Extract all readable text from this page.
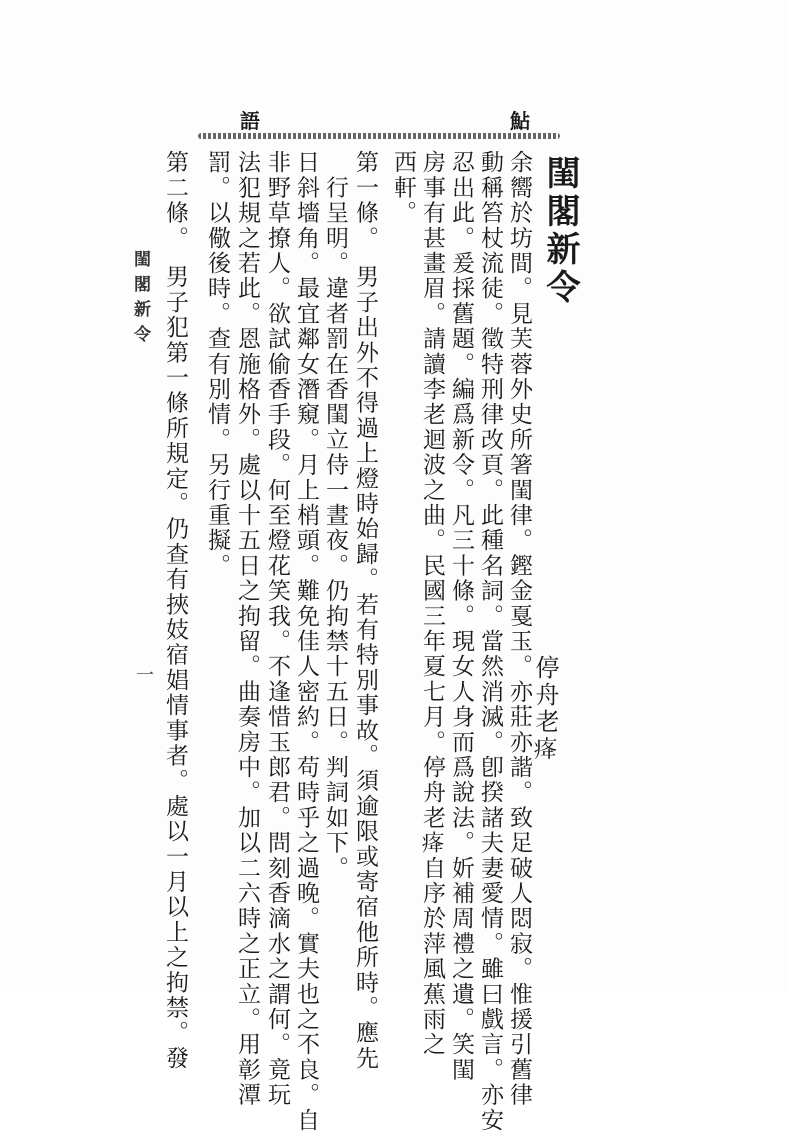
語	鮎
閨閣新令
停舟老𤵸
余嚮於坊間。見芙蓉外史所箸閨律。鏗金戛玉。亦莊亦諧。致足破人悶寂。惟援引舊律
動稱笞杖流徒。徵特刑律改頁。此種名詞。當然消滅。卽揆諸夫妻愛情。雖曰戲言。亦安
忍出此。爰採舊題。編爲新令。凡三十條。現女人身而爲說法。妡補周禮之遺。笑閨
房事有甚畫眉。請讀李老迴波之曲。民國三年夏七月。停舟老𤵸自序於萍風蕉雨之
西軒。
第一條。　男子出外不得過上燈時始歸。若有特別事故。須逾限或寄宿他所時。應先
　行呈明。違者罰在香閨立侍一晝夜。仍拘禁十五日。判詞如下。
日斜墻角。最宜鄰女潛窺。月上梢頭。難免佳人密約。苟時乎之過晚。實夫也之不良。自
非野草撩人。欲試偷香手段。何至燈花笑我。不逢惜玉郎君。問刻香滴水之謂何。竟玩
法犯規之若此。恩施格外。處以十五日之拘留。曲奏房中。加以二六時之正立。用彰潭
罰。以儆後時。查有別情。另行重擬。
第二條。　男子犯第一條所規定。仍查有挾妓宿娼情事者。處以一月以上之拘禁。發
閨閣新令
一
